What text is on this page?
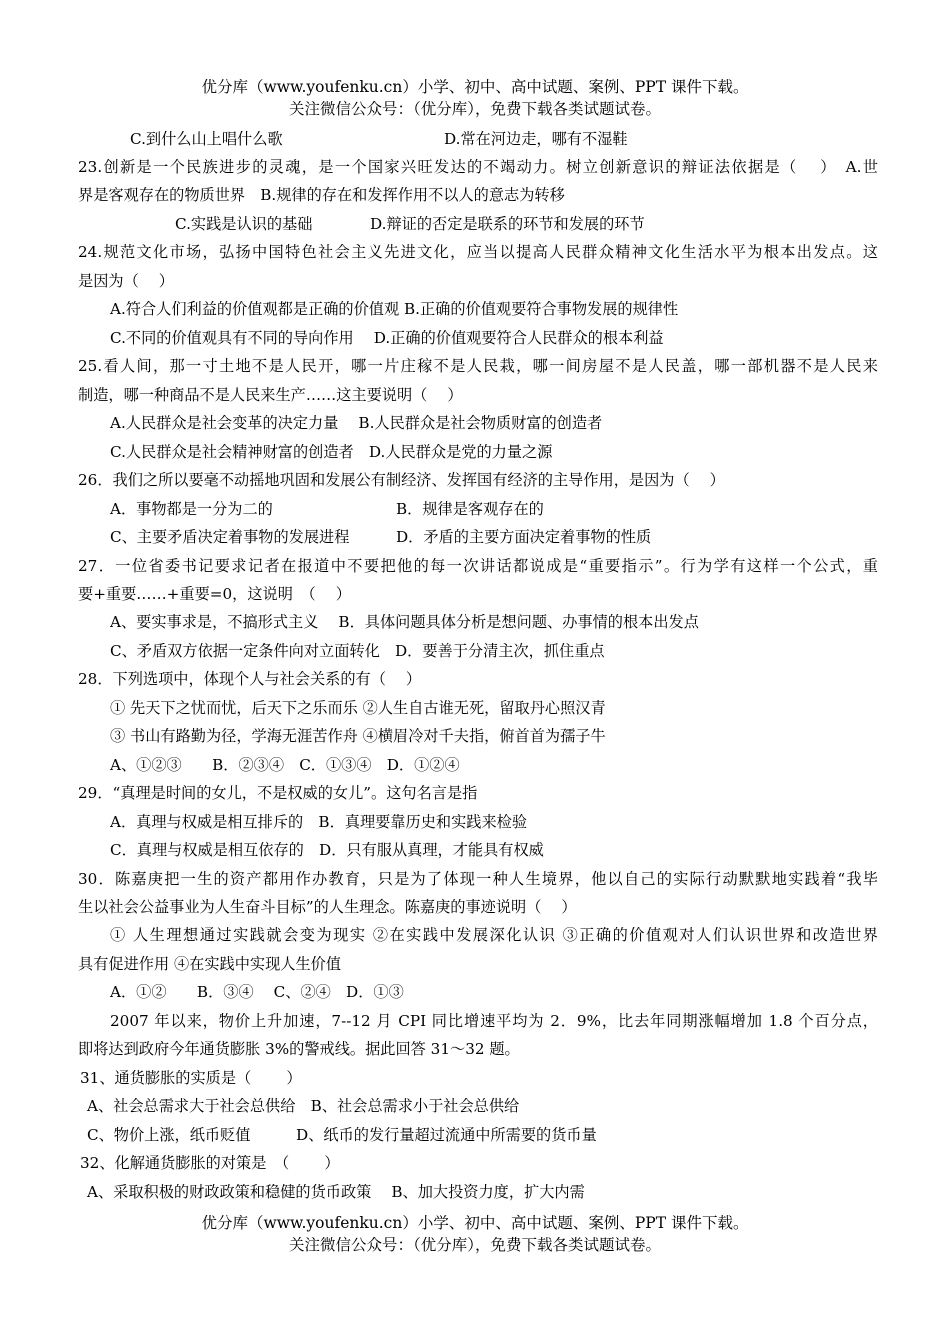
优分库（www.youfenku.cn）小学、初中、高中试题、案例、PPT 课件下载。
关注微信公众号：（优分库），免费下载各类试题试卷。
C.到什么山上唱什么歌	D.常在河边走，哪有不湿鞋
23.创新是一个民族进步的灵魂，是一个国家兴旺发达的不竭动力。树立创新意识的辩证法依据是（　 ）　A.世
界是客观存在的物质世界　B.规律的存在和发挥作用不以人的意志为转移
C.实践是认识的基础	D.辩证的否定是联系的环节和发展的环节
24.规范文化市场，弘扬中国特色社会主义先进文化，应当以提高人民群众精神文化生活水平为根本出发点。这
是因为（　 ）
A.符合人们利益的价值观都是正确的价值观 B.正确的价值观要符合事物发展的规律性
C.不同的价值观具有不同的导向作用　 D.正确的价值观要符合人民群众的根本利益
25.看人间，那一寸土地不是人民开，哪一片庄稼不是人民栽，哪一间房屋不是人民盖，哪一部机器不是人民来
制造，哪一种商品不是人民来生产……这主要说明（　 ）
A.人民群众是社会变革的决定力量　 B.人民群众是社会物质财富的创造者
C.人民群众是社会精神财富的创造者　D.人民群众是党的力量之源
26．我们之所以要毫不动摇地巩固和发展公有制经济、发挥国有经济的主导作用，是因为（　 ）
A．事物都是一分为二的	B．规律是客观存在的
C、主要矛盾决定着事物的发展进程	D．矛盾的主要方面决定着事物的性质
27．一位省委书记要求记者在报道中不要把他的每一次讲话都说成是“重要指示”。行为学有这样一个公式，重
要+重要……+重要=0，这说明　（　 ）
A、要实事求是，不搞形式主义　 B．具体问题具体分析是想问题、办事情的根本出发点
C、矛盾双方依据一定条件向对立面转化　D．要善于分清主次，抓住重点
28．下列选项中，体现个人与社会关系的有（　 ）
① 先天下之忧而忧，后天下之乐而乐 ②人生自古谁无死，留取丹心照汉青
③ 书山有路勤为径，学海无涯苦作舟 ④横眉冷对千夫指，俯首首为孺子牛
A、①②③　　B．②③④　C．①③④　D．①②④
29．“真理是时间的女儿，不是权威的女儿”。这句名言是指
A．真理与权威是相互排斥的　B．真理要靠历史和实践来检验
C．真理与权威是相互依存的　D．只有服从真理，才能具有权威
30．陈嘉庚把一生的资产都用作办教育，只是为了体现一种人生境界，他以自己的实际行动默默地实践着“我毕
生以社会公益事业为人生奋斗目标”的人生理念。陈嘉庚的事迹说明（　 ）
① 人生理想通过实践就会变为现实 ②在实践中发展深化认识 ③正确的价值观对人们认识世界和改造世界
具有促进作用 ④在实践中实现人生价值
A．①②　　B．③④　 C、②④　D．①③
2007 年以来，物价上升加速，7--12 月 CPI 同比增速平均为 2．9%，比去年同期涨幅增加 1.8 个百分点，
即将达到政府今年通货膨胀 3%的警戒线。据此回答 31～32 题。
31、通货膨胀的实质是（　　 ）
A、社会总需求大于社会总供给　B、社会总需求小于社会总供给
C、物价上涨，纸币贬值　　　D、纸币的发行量超过流通中所需要的货币量
32、化解通货膨胀的对策是　（　　 ）
A、采取积极的财政政策和稳健的货币政策　 B、加大投资力度，扩大内需
优分库（www.youfenku.cn）小学、初中、高中试题、案例、PPT 课件下载。
关注微信公众号：（优分库），免费下载各类试题试卷。
